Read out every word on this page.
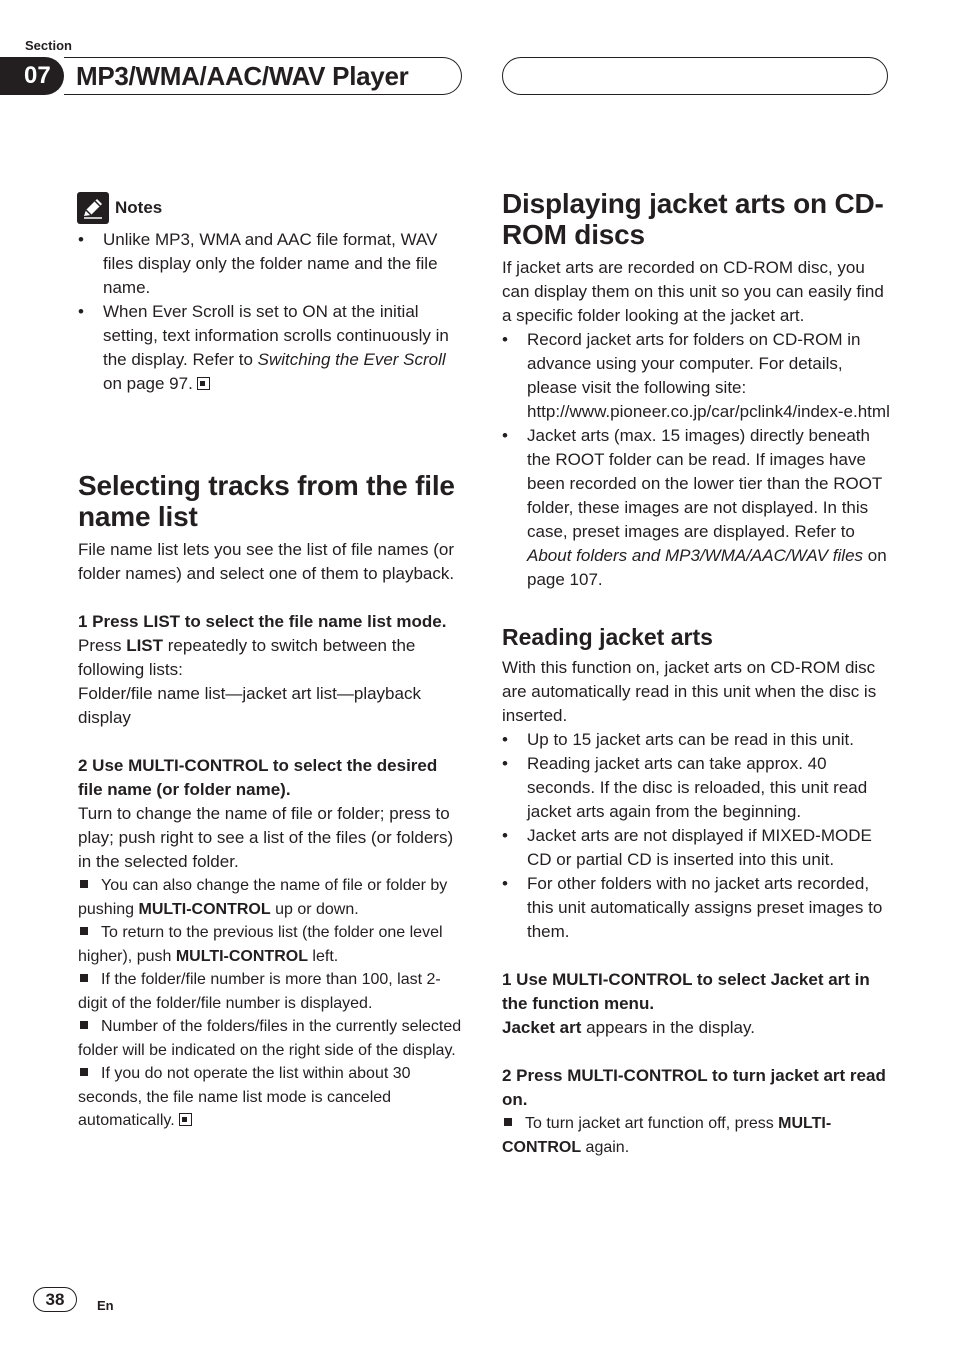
Section
07 MP3/WMA/AAC/WAV Player
Notes
• Unlike MP3, WMA and AAC file format, WAV files display only the folder name and the file name.
• When Ever Scroll is set to ON at the initial setting, text information scrolls continuously in the display. Refer to Switching the Ever Scroll on page 97.
Selecting tracks from the file name list

File name list lets you see the list of file names (or folder names) and select one of them to playback.

1 Press LIST to select the file name list mode.

Press LIST repeatedly to switch between the following lists:

Folder/file name list—jacket art list—playback display

2 Use MULTI-CONTROL to select the desired file name (or folder name).

Turn to change the name of file or folder; press to play; push right to see a list of the files (or folders) in the selected folder.

You can also change the name of file or folder by pushing MULTI-CONTROL up or down.

To return to the previous list (the folder one level higher), push MULTI-CONTROL left.

If the folder/file number is more than 100, last 2-digit of the folder/file number is displayed.

Number of the folders/files in the currently selected folder will be indicated on the right side of the display.

If you do not operate the list within about 30 seconds, the file name list mode is canceled automatically.

Displaying jacket arts on CD-ROM discs

If jacket arts are recorded on CD-ROM disc, you can display them on this unit so you can easily find a specific folder looking at the jacket art.

• Record jacket arts for folders on CD-ROM in advance using your computer. For details, please visit the following site: http://www.pioneer.co.jp/car/pclink4/index-e.html
• Jacket arts (max. 15 images) directly beneath the ROOT folder can be read. If images have been recorded on the lower tier than the ROOT folder, these images are not displayed. In this case, preset images are displayed. Refer to About folders and MP3/WMA/AAC/WAV files on page 107.
Reading jacket arts

With this function on, jacket arts on CD-ROM disc are automatically read in this unit when the disc is inserted.

• Up to 15 jacket arts can be read in this unit.
• Reading jacket arts can take approx. 40 seconds. If the disc is reloaded, this unit read jacket arts again from the beginning.
• Jacket arts are not displayed if MIXED-MODE CD or partial CD is inserted into this unit.
• For other folders with no jacket arts recorded, this unit automatically assigns preset images to them.

1 Use MULTI-CONTROL to select Jacket art in the function menu.

Jacket art appears in the display.

2 Press MULTI-CONTROL to turn jacket art read on.

To turn jacket art function off, press MULTI-CONTROL again.

38	En
